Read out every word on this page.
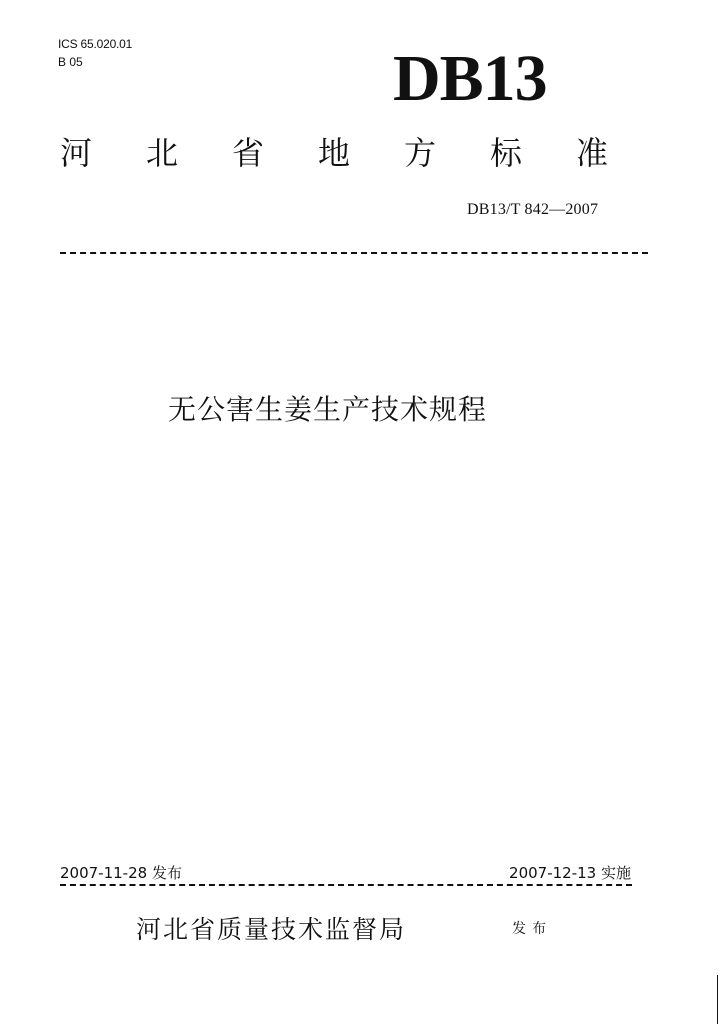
ICS 65.020.01
B 05	DB13
河北省地方标准
DB13/T 842—2007
无公害生姜生产技术规程
2007-11-28 发布	2007-12-13 实施
河北省质量技术监督局	发布
